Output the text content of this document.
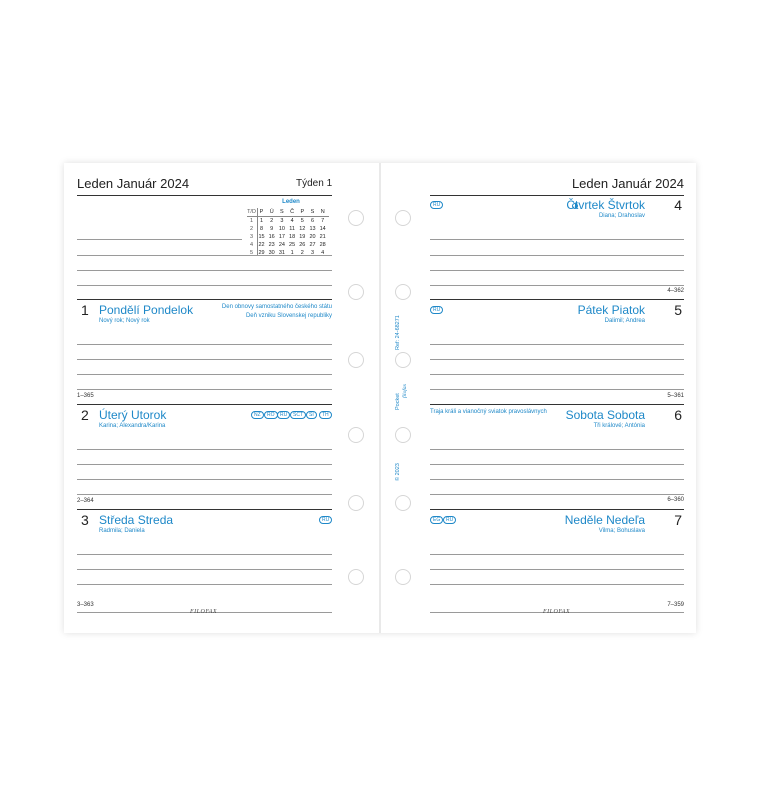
Leden Január 2024	Týden 1
Leden
T/D P	Ú	S	Č	P	S	N
1	1	2	3	4	5	6	7
2	8	9	10 11 12 13 14
3 15 16 17 18 19 20 21
4 22 23 24 25 26 27 28
5 29 30 31	1	2	3	4
1 Pondělí Pondelok
Nový rok; Nový rok
Den obnovy samostatného českého státu
Deň vzniku Slovenskej republiky
1–365
2 Úterý Utorok
Karina; Alexandra/Karina
NZ	RO	RU	SCT	SI	TH
2–364
3 Středa Streda
Radmila; Daniela
RU
3–363
FILOFAX
Ref: 24-68271
Pocket
filofax
© 2023
Leden Január 2024
RU	Čtvrtek Štvrtok 4
Diana; Drahoslav
4–362
RU	Pátek Piatok 5
Dalimil; Andrea
5–361
Traja králi a vianočný sviatok pravoslávnych Sobota Sobota 6
Tři králové; Antónia
6–360
EG	RU	Neděle Nedeľa 7
Vilma; Bohuslava
7–359
FILOFAX
